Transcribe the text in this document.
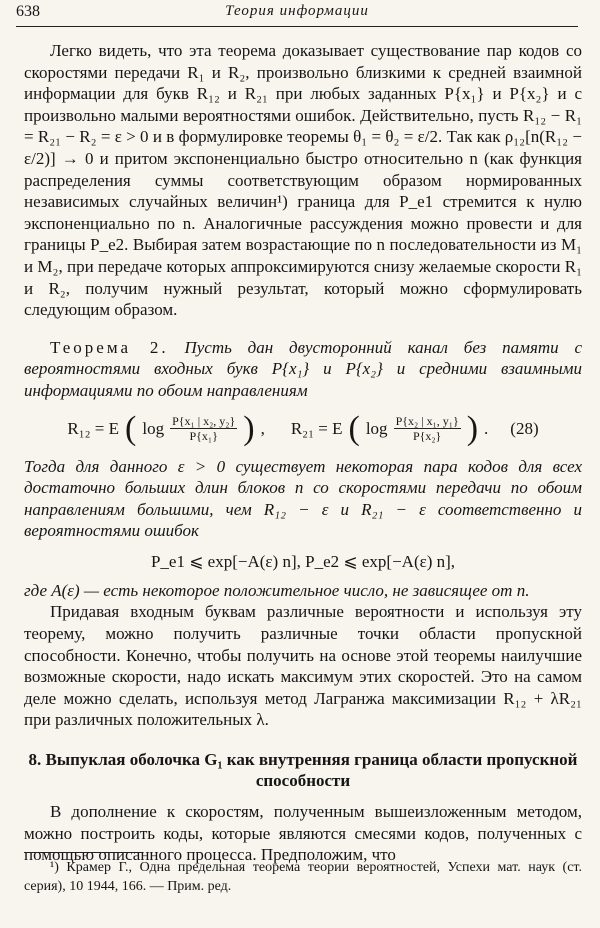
638	Теория информации

Легко видеть, что эта теорема доказывает существование пар кодов со скоростями передачи R₁ и R₂, произвольно близкими к средней взаимной информации для букв R₁₂ и R₂₁ при любых заданных P{x₁} и P{x₂} и с произвольно малыми вероятностями ошибок. Действительно, пусть R₁₂ − R₁ = R₂₁ − R₂ = ε > 0 и в формулировке теоремы θ₁ = θ₂ = ε/2. Так как ρ₁₂[n(R₁₂ − ε/2)] → 0 и притом экспоненциально быстро относительно n (как функция распределения суммы соответствующим образом нормированных независимых случайных величин¹) граница для P_e1 стремится к нулю экспоненциально по n. Аналогичные рассуждения можно провести и для границы P_e2. Выбирая затем возрастающие по n последовательности из M₁ и M₂, при передаче которых аппроксимируются снизу желаемые скорости R₁ и R₂, получим нужный результат, который можно сформулировать следующим образом.

Теорема 2. Пусть дан двусторонний канал без памяти с вероятностями входных букв P{x₁} и P{x₂} и средними взаимными информациями по обоим направлениям

R₁₂ = E ( $\log \frac{\text{P\{x₁ | x₂, y₂\}}}{\text{P\{x₁\}}}$ ) , R₂₁ = E ( $\log \frac{\text{P\{x₂ | x₁, y₁\}}}{\text{P\{x₂\}}}$ ) . (28)

Тогда для данного ε > 0 существует некоторая пара кодов для всех достаточно больших длин блоков n со скоростями передачи по обоим направлениям большими, чем R₁₂ − ε и R₂₁ − ε соответственно и вероятностями ошибок

P_e1 ⩽ exp[−A(ε) n], P_e2 ⩽ exp[−A(ε) n],

где A(ε) — есть некоторое положительное число, не зависящее от n.

Придавая входным буквам различные вероятности и используя эту теорему, можно получить различные точки области пропускной способности. Конечно, чтобы получить на основе этой теоремы наилучшие возможные скорости, надо искать максимум этих скоростей. Это на самом деле можно сделать, используя метод Лагранжа максимизации R₁₂ + λR₂₁ при различных положительных λ.

8. Выпуклая оболочка G₁ как внутренняя граница области пропускной способности

В дополнение к скоростям, полученным вышеизложенным методом, можно построить коды, которые являются смесями кодов, полученных с помощью описанного процесса. Предположим, что

¹) Крамер Г., Одна предельная теорема теории вероятностей, Успехи мат. наук (ст. серия), 10 1944, 166. — Прим. ред.
